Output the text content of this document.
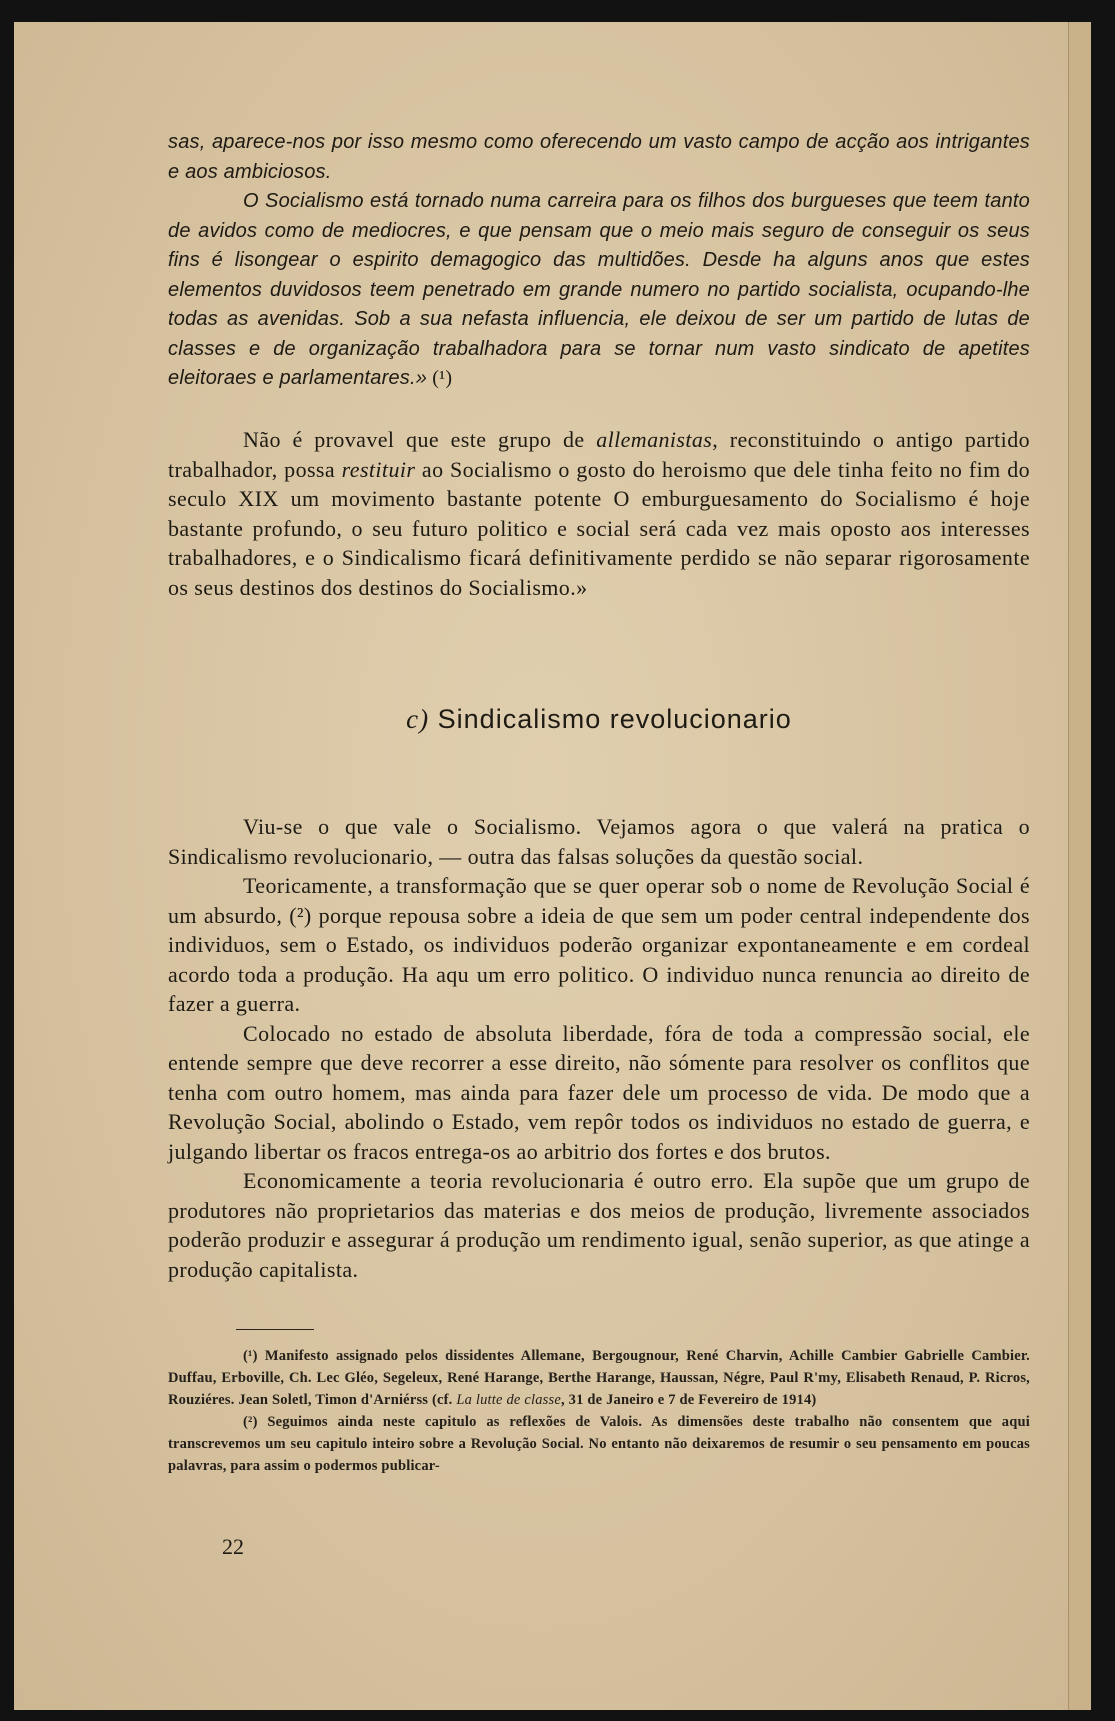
sas, aparece-nos por isso mesmo como oferecendo um vasto campo de acção aos intrigantes e aos ambiciosos.

O Socialismo está tornado numa carreira para os filhos dos burgueses que teem tanto de avidos como de mediocres, e que pensam que o meio mais seguro de conseguir os seus fins é lisongear o espirito demagogico das multidões. Desde ha alguns anos que estes elementos duvidosos teem penetrado em grande numero no partido socialista, ocupando-lhe todas as avenidas. Sob a sua nefasta influencia, ele deixou de ser um partido de lutas de classes e de organização trabalhadora para se tornar num vasto sindicato de apetites eleitoraes e parlamentares.» (¹)

Não é provavel que este grupo de allemanistas, reconstituindo o antigo partido trabalhador, possa restituir ao Socialismo o gosto do heroismo que dele tinha feito no fim do seculo XIX um movimento bastante potente O emburguesamento do Socialismo é hoje bastante profundo, o seu futuro politico e social será cada vez mais oposto aos interesses trabalhadores, e o Sindicalismo ficará definitivamente perdido se não separar rigorosamente os seus destinos dos destinos do Socialismo.»

c) Sindicalismo revolucionario

Viu-se o que vale o Socialismo. Vejamos agora o que valerá na pratica o Sindicalismo revolucionario, — outra das falsas soluções da questão social.

Teoricamente, a transformação que se quer operar sob o nome de Revolução Social é um absurdo, (²) porque repousa sobre a ideia de que sem um poder central independente dos individuos, sem o Estado, os individuos poderão organizar expontaneamente e em cordeal acordo toda a produção. Ha aqu um erro politico. O individuo nunca renuncia ao direito de fazer a guerra.

Colocado no estado de absoluta liberdade, fóra de toda a compressão social, ele entende sempre que deve recorrer a esse direito, não sómente para resolver os conflitos que tenha com outro homem, mas ainda para fazer dele um processo de vida. De modo que a Revolução Social, abolindo o Estado, vem repôr todos os individuos no estado de guerra, e julgando libertar os fracos entrega-os ao arbitrio dos fortes e dos brutos.

Economicamente a teoria revolucionaria é outro erro. Ela supõe que um grupo de produtores não proprietarios das materias e dos meios de produção, livremente associados poderão produzir e assegurar á produção um rendimento igual, senão superior, as que atinge a produção capitalista.

(¹) Manifesto assignado pelos dissidentes Allemane, Bergougnour, René Charvin, Achille Cambier Gabrielle Cambier. Duffau, Erboville, Ch. Lec Gléo, Segeleux, René Harange, Berthe Harange, Haussan, Négre, Paul R'my, Elisabeth Renaud, P. Ricros, Rouziéres. Jean Soletl, Timon d'Arniérss (cf. La lutte de classe, 31 de Janeiro e 7 de Fevereiro de 1914)

(²) Seguimos ainda neste capitulo as reflexões de Valois. As dimensões deste trabalho não consentem que aqui transcrevemos um seu capitulo inteiro sobre a Revolução Social. No entanto não deixaremos de resumir o seu pensamento em poucas palavras, para assim o podermos publicar-

22
